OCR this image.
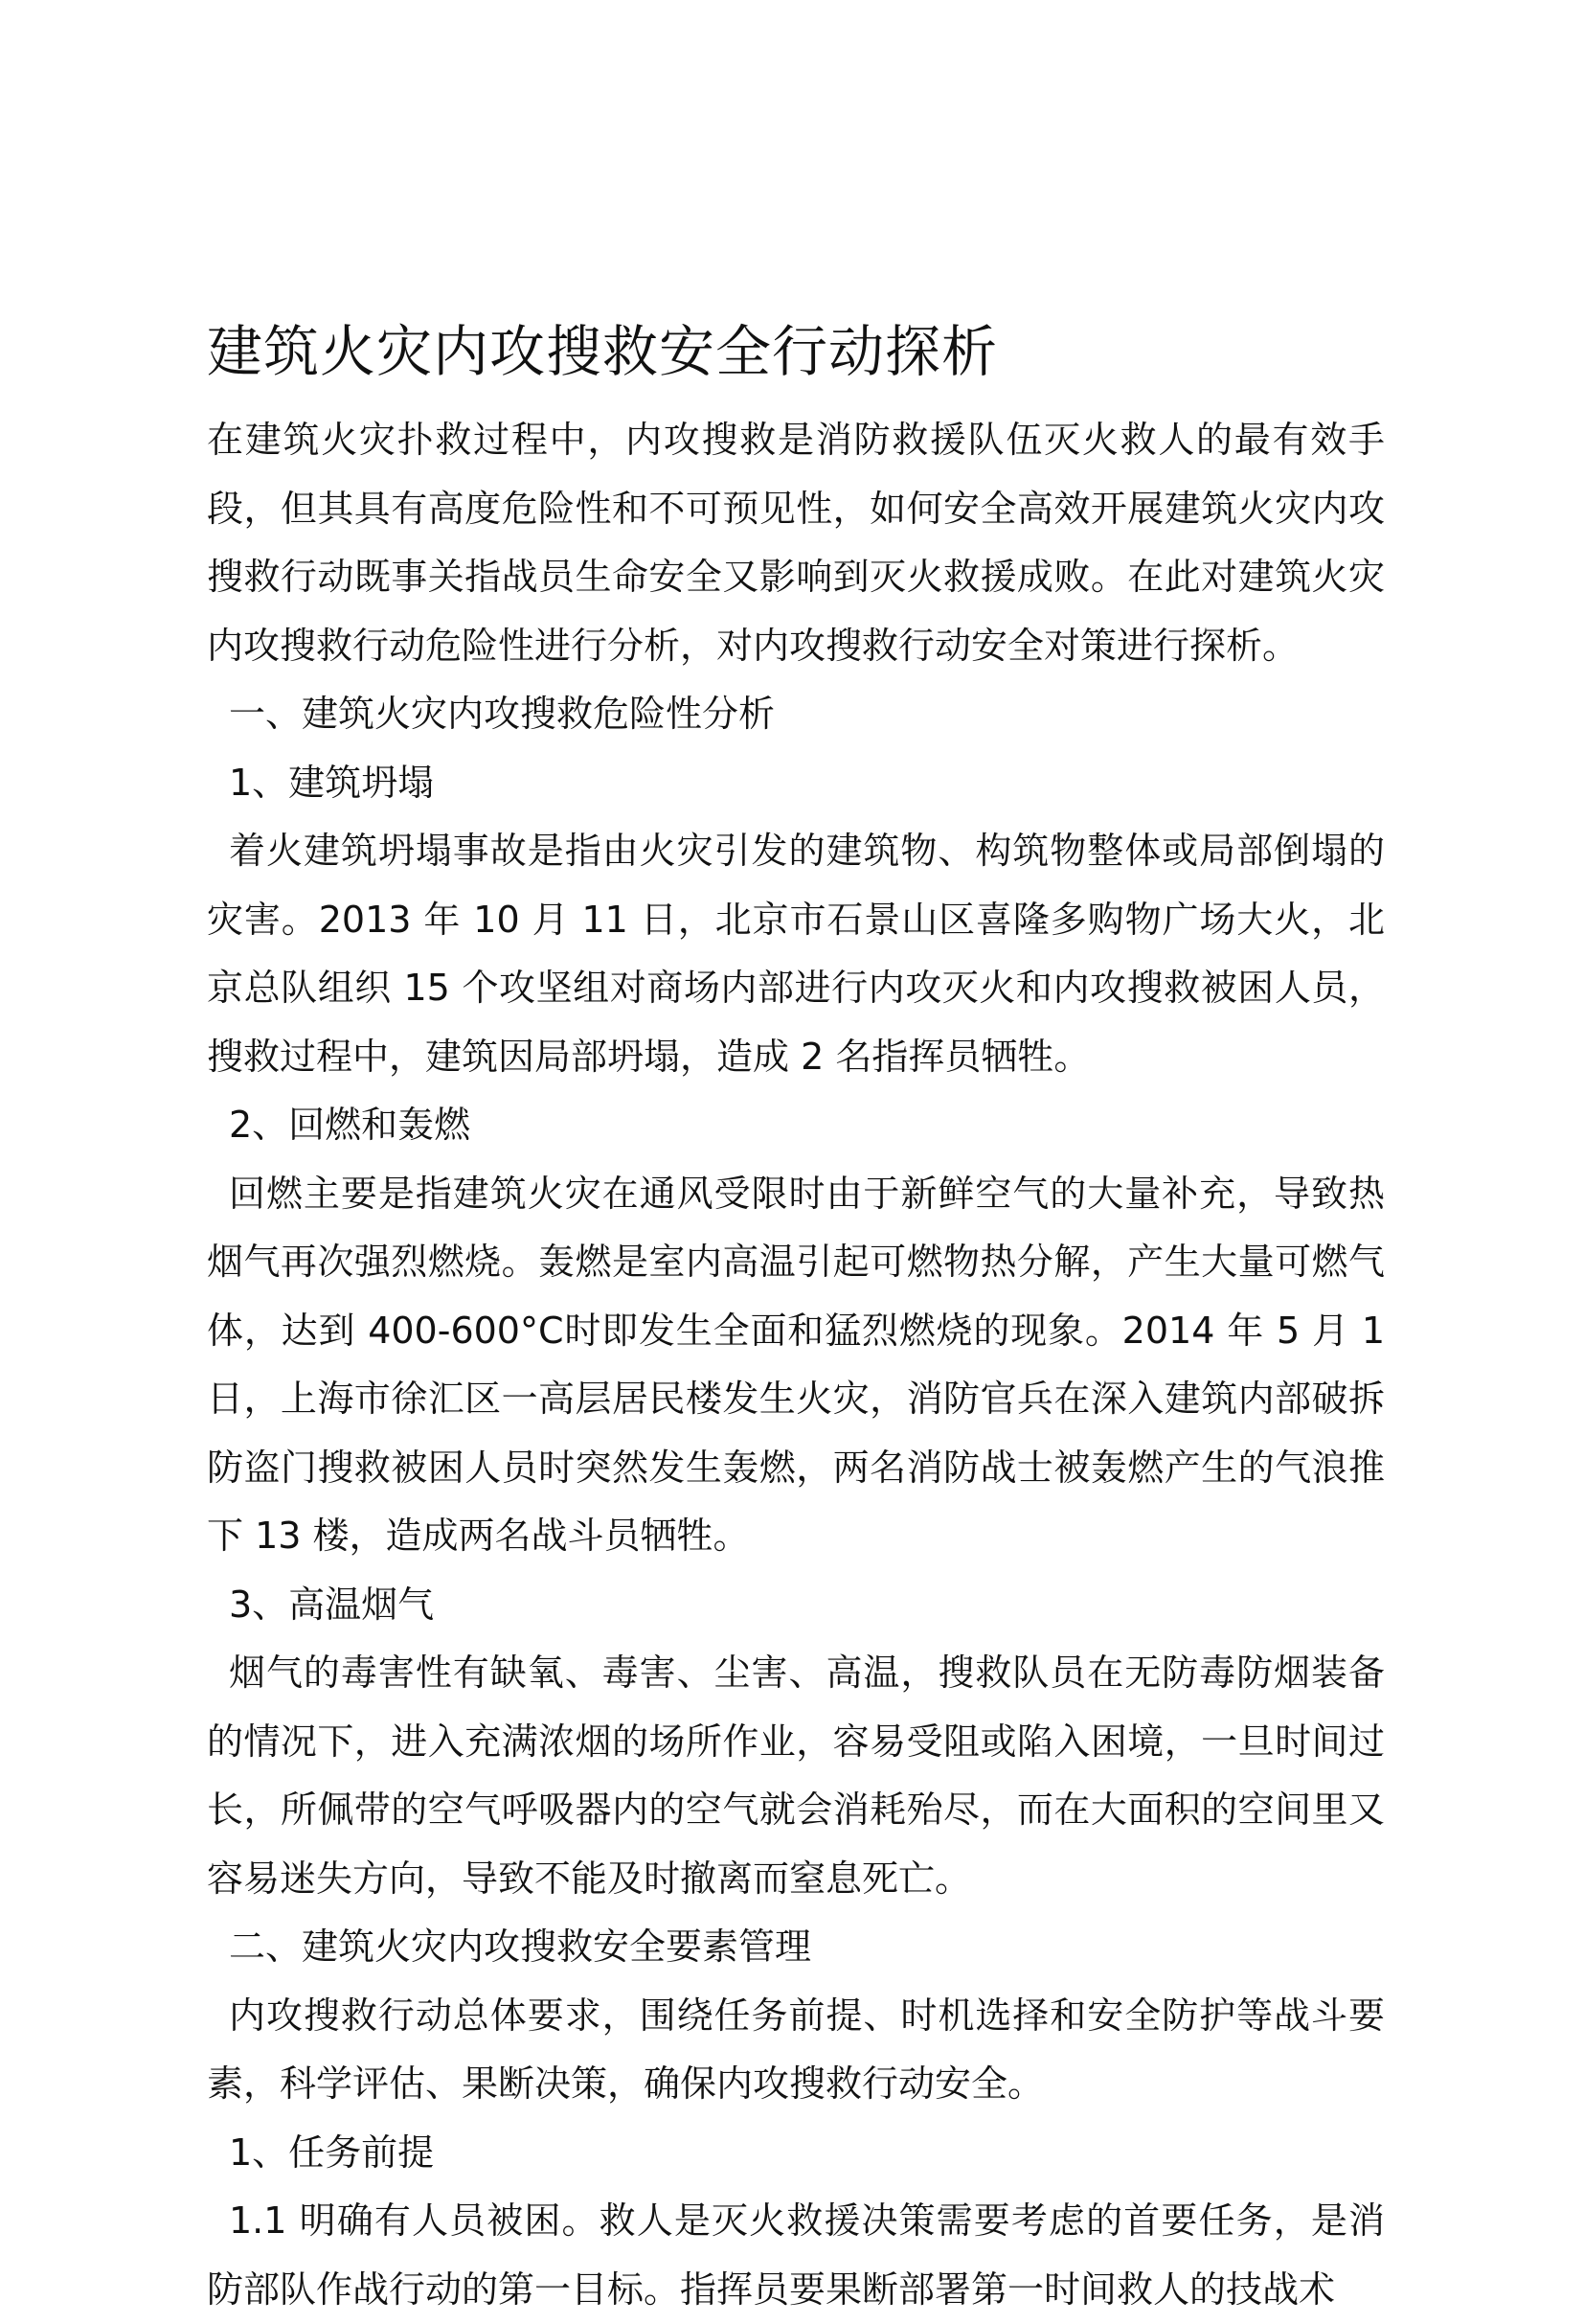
建筑火灾内攻搜救安全行动探析

在建筑火灾扑救过程中，内攻搜救是消防救援队伍灭火救人的最有效手段，但其具有高度危险性和不可预见性，如何安全高效开展建筑火灾内攻搜救行动既事关指战员生命安全又影响到灭火救援成败。在此对建筑火灾内攻搜救行动危险性进行分析，对内攻搜救行动安全对策进行探析。

一、建筑火灾内攻搜救危险性分析

1、建筑坍塌

着火建筑坍塌事故是指由火灾引发的建筑物、构筑物整体或局部倒塌的灾害。2013 年 10 月 11 日，北京市石景山区喜隆多购物广场大火，北京总队组织 15 个攻坚组对商场内部进行内攻灭火和内攻搜救被困人员，搜救过程中，建筑因局部坍塌，造成 2 名指挥员牺牲。

2、回燃和轰燃

回燃主要是指建筑火灾在通风受限时由于新鲜空气的大量补充，导致热烟气再次强烈燃烧。轰燃是室内高温引起可燃物热分解，产生大量可燃气体，达到 400-600°C时即发生全面和猛烈燃烧的现象。2014 年 5 月 1 日，上海市徐汇区一高层居民楼发生火灾，消防官兵在深入建筑内部破拆防盗门搜救被困人员时突然发生轰燃，两名消防战士被轰燃产生的气浪推下 13 楼，造成两名战斗员牺牲。

3、高温烟气

烟气的毒害性有缺氧、毒害、尘害、高温，搜救队员在无防毒防烟装备的情况下，进入充满浓烟的场所作业，容易受阻或陷入困境，一旦时间过长，所佩带的空气呼吸器内的空气就会消耗殆尽，而在大面积的空间里又容易迷失方向，导致不能及时撤离而窒息死亡。

二、建筑火灾内攻搜救安全要素管理

内攻搜救行动总体要求，围绕任务前提、时机选择和安全防护等战斗要素，科学评估、果断决策，确保内攻搜救行动安全。

1、任务前提

1.1 明确有人员被困。救人是灭火救援决策需要考虑的首要任务，是消防部队作战行动的第一目标。指挥员要果断部署第一时间救人的技战术
